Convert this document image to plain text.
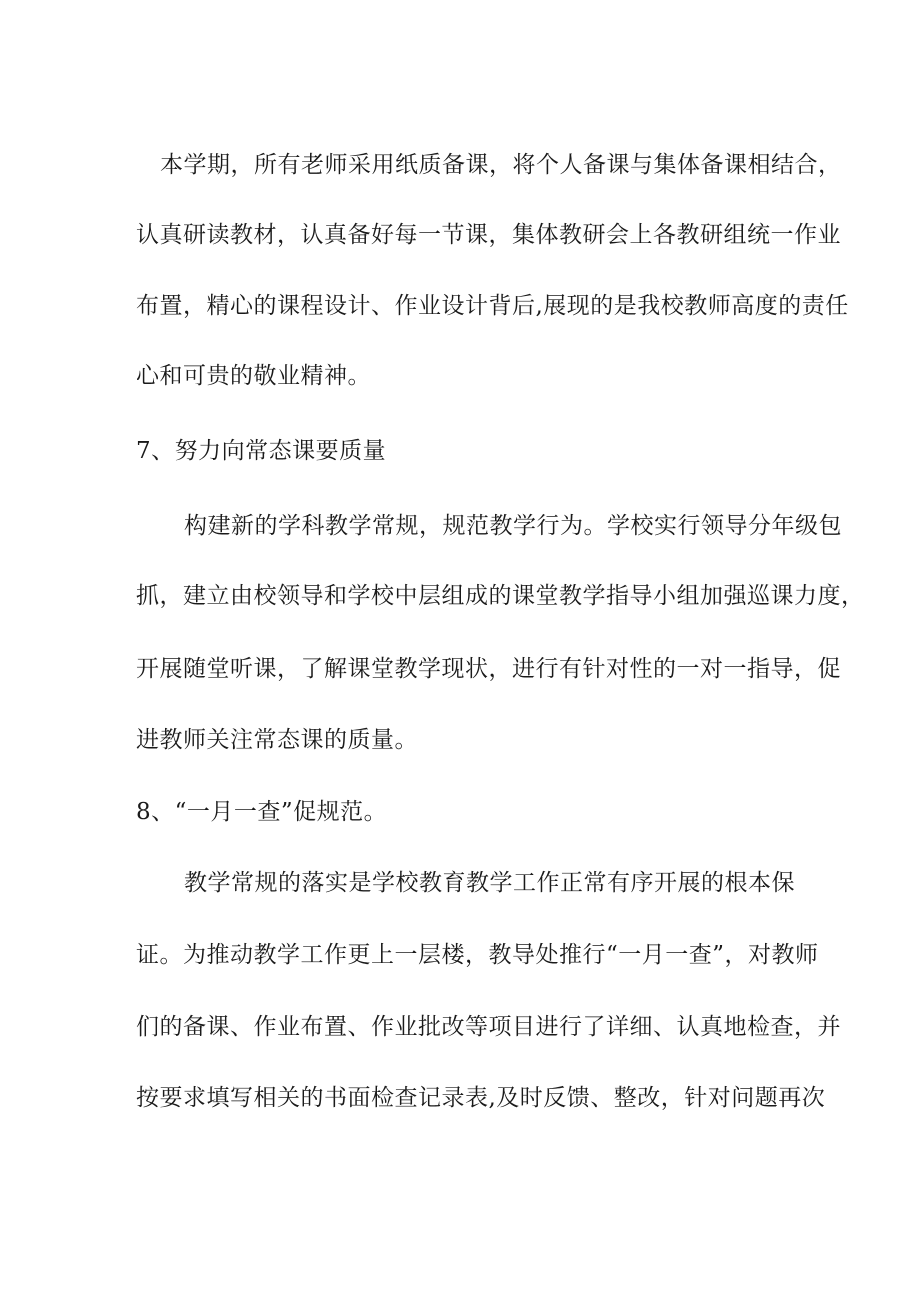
本学期，所有老师采用纸质备课，将个人备课与集体备课相结合，
认真研读教材，认真备好每一节课，集体教研会上各教研组统一作业
布置，精心的课程设计、作业设计背后,展现的是我校教师高度的责任
心和可贵的敬业精神。
7、努力向常态课要质量
构建新的学科教学常规，规范教学行为。学校实行领导分年级包
抓，建立由校领导和学校中层组成的课堂教学指导小组加强巡课力度，
开展随堂听课，了解课堂教学现状，进行有针对性的一对一指导，促
进教师关注常态课的质量。
8、“一月一查”促规范。
教学常规的落实是学校教育教学工作正常有序开展的根本保
证。为推动教学工作更上一层楼，教导处推行“一月一查”，对教师
们的备课、作业布置、作业批改等项目进行了详细、认真地检查，并
按要求填写相关的书面检查记录表,及时反馈、整改，针对问题再次
